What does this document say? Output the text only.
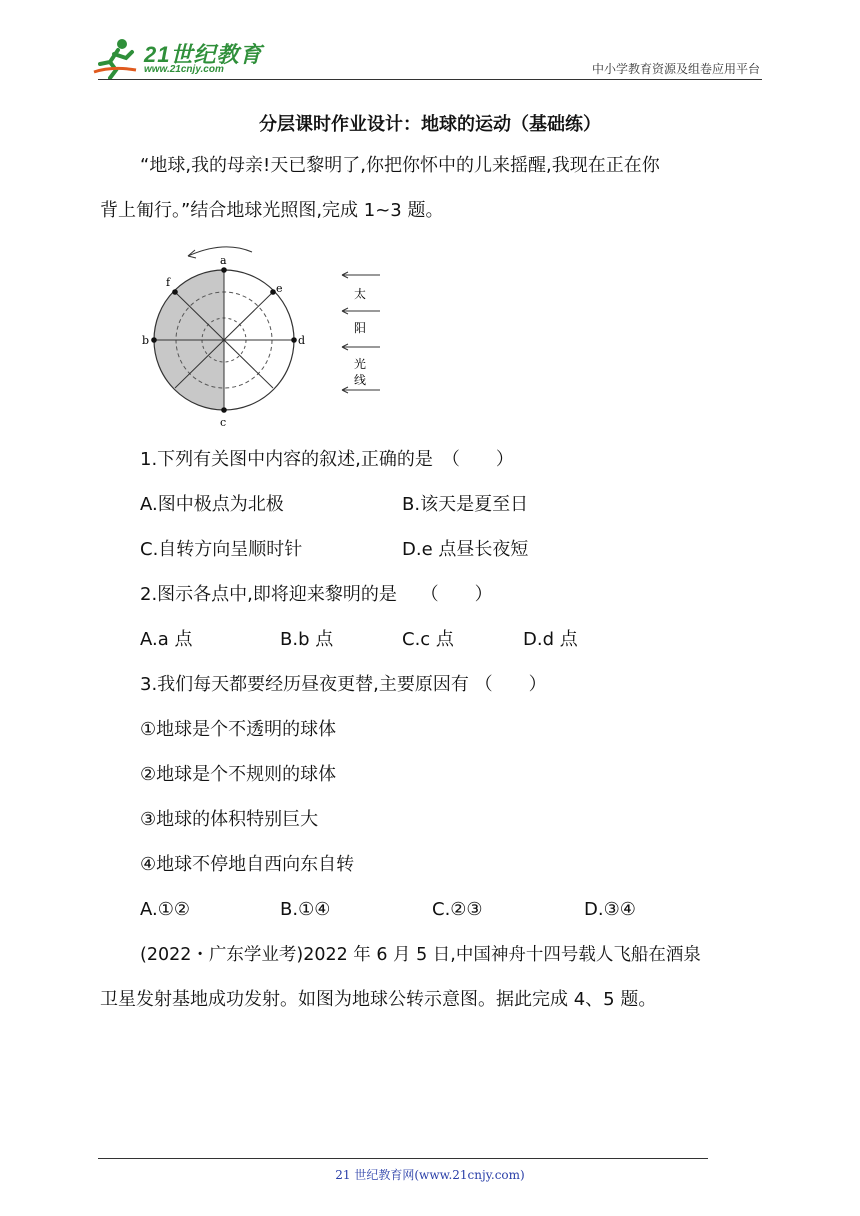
21世纪教育
www.21cnjy.com	中小学教育资源及组卷应用平台
分层课时作业设计：地球的运动（基础练）
“地球,我的母亲!天已黎明了,你把你怀中的儿来摇醒,我现在正在你
背上匍行。”结合地球光照图,完成 1~3 题。
a
b
c
d
e
f
太
阳
光
线
1.下列有关图中内容的叙述,正确的是　（　　）
A.图中极点为北极	B.该天是夏至日
C.自转方向呈顺时针	D.e 点昼长夜短
2.图示各点中,即将迎来黎明的是　 （　　）
A.a 点	B.b 点	C.c 点	D.d 点
3.我们每天都要经历昼夜更替,主要原因有 （　　）
①地球是个不透明的球体
②地球是个不规则的球体
③地球的体积特别巨大
④地球不停地自西向东自转
A.①②	B.①④	C.②③	D.③④
(2022・广东学业考)2022 年 6 月 5 日,中国神舟十四号载人飞船在酒泉
卫星发射基地成功发射。如图为地球公转示意图。据此完成 4、5 题。
21 世纪教育网(www.21cnjy.com)
